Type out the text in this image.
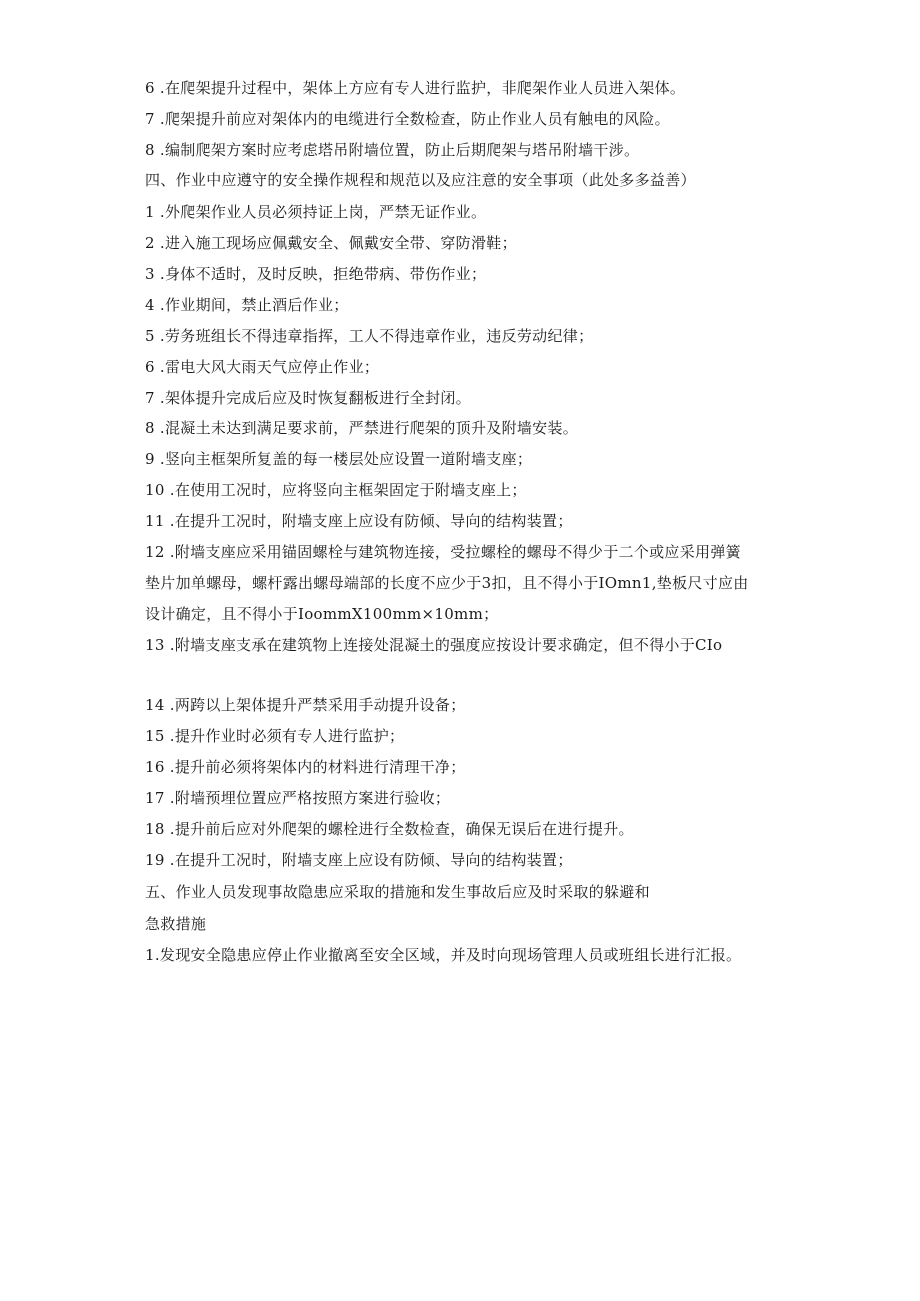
6 .在爬架提升过程中，架体上方应有专人进行监护，非爬架作业人员进入架体。
7 .爬架提升前应对架体内的电缆进行全数检查，防止作业人员有触电的风险。
8 .编制爬架方案时应考虑塔吊附墙位置，防止后期爬架与塔吊附墙干涉。
四、作业中应遵守的安全操作规程和规范以及应注意的安全事项（此处多多益善）
1 .外爬架作业人员必须持证上岗，严禁无证作业。
2 .进入施工现场应佩戴安全、佩戴安全带、穿防滑鞋；
3 .身体不适时，及时反映，拒绝带病、带伤作业；
4 .作业期间，禁止酒后作业；
5 .劳务班组长不得违章指挥，工人不得违章作业，违反劳动纪律；
6 .雷电大风大雨天气应停止作业；
7 .架体提升完成后应及时恢复翻板进行全封闭。
8 .混凝土未达到满足要求前，严禁进行爬架的顶升及附墙安装。
9 .竖向主框架所复盖的每一楼层处应设置一道附墙支座；
10 .在使用工况时，应将竖向主框架固定于附墙支座上；
11 .在提升工况时，附墙支座上应设有防倾、导向的结构装置；
12 .附墙支座应采用锚固螺栓与建筑物连接，受拉螺栓的螺母不得少于二个或应采用弹簧
垫片加单螺母，螺杆露出螺母端部的长度不应少于3扣，且不得小于IOmn1,垫板尺寸应由
设计确定，且不得小于IoommX100mm×10mm；
13 .附墙支座支承在建筑物上连接处混凝土的强度应按设计要求确定，但不得小于CIo
14 .两跨以上架体提升严禁采用手动提升设备；
15 .提升作业时必须有专人进行监护；
16 .提升前必须将架体内的材料进行清理干净；
17 .附墙预埋位置应严格按照方案进行验收；
18 .提升前后应对外爬架的螺栓进行全数检查，确保无误后在进行提升。
19 .在提升工况时，附墙支座上应设有防倾、导向的结构装置；
五、作业人员发现事故隐患应采取的措施和发生事故后应及时采取的躲避和
急救措施
1.发现安全隐患应停止作业撤离至安全区域，并及时向现场管理人员或班组长进行汇报。
